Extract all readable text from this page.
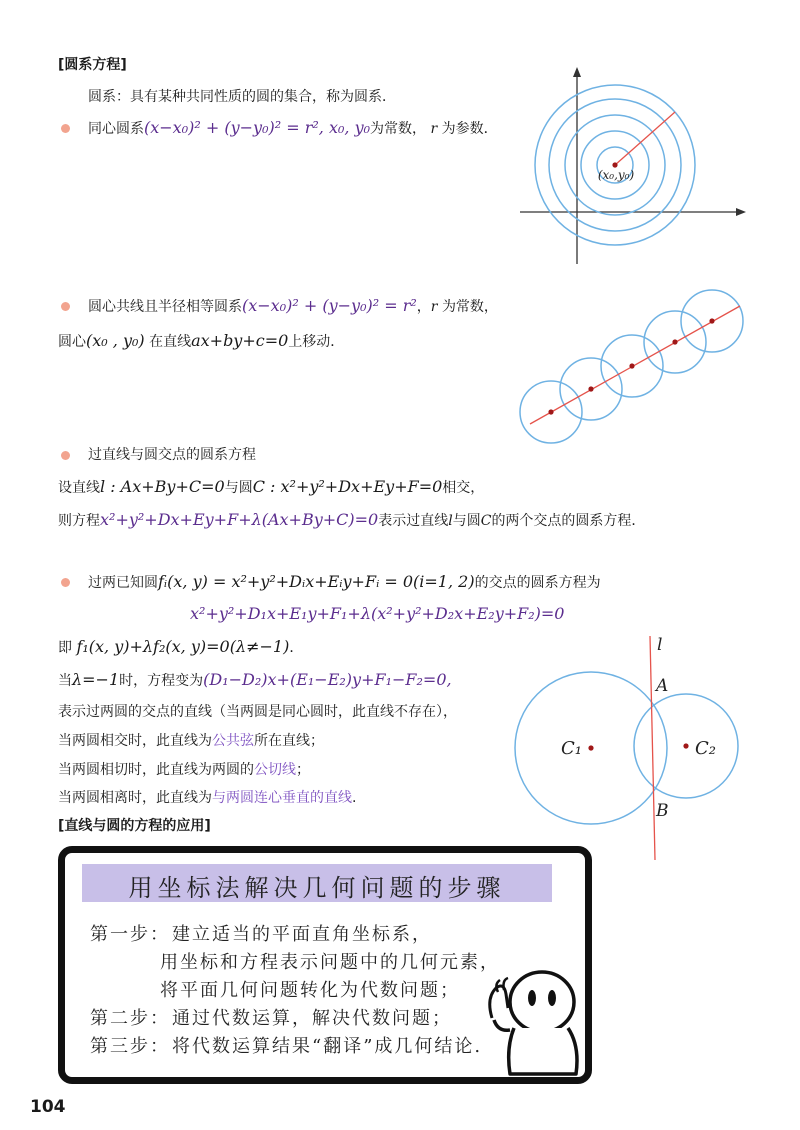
[圆系方程]
圆系：具有某种共同性质的圆的集合，称为圆系．
同心圆系(x−x₀)² + (y−y₀)² = r², x₀, y₀为常数， r 为参数．
(x₀,y₀)
圆心共线且半径相等圆系(x−x₀)² + (y−y₀)² = r²，r 为常数，
圆心(x₀ , y₀) 在直线ax+by+c=0上移动．
过直线与圆交点的圆系方程
设直线l : Ax+By+C=0与圆C : x²+y²+Dx+Ey+F=0相交，
则方程x²+y²+Dx+Ey+F+λ(Ax+By+C)=0表示过直线l与圆C的两个交点的圆系方程．
过两已知圆fᵢ(x, y) = x²+y²+Dᵢx+Eᵢy+Fᵢ = 0(i=1, 2)的交点的圆系方程为
x²+y²+D₁x+E₁y+F₁+λ(x²+y²+D₂x+E₂y+F₂)=0
即 f₁(x, y)+λf₂(x, y)=0(λ≠−1)．
当λ=−1时，方程变为(D₁−D₂)x+(E₁−E₂)y+F₁−F₂=0,
表示过两圆的交点的直线（当两圆是同心圆时，此直线不存在），
当两圆相交时，此直线为公共弦所在直线；
当两圆相切时，此直线为两圆的公切线；
当两圆相离时，此直线为与两圆连心垂直的直线.
l
A
B
C₁	C₂
[直线与圆的方程的应用]
用坐标法解决几何问题的步骤
第一步： 建立适当的平面直角坐标系，
用坐标和方程表示问题中的几何元素，
将平面几何问题转化为代数问题；
第二步： 通过代数运算，解决代数问题；
第三步： 将代数运算结果“翻译”成几何结论.
104
